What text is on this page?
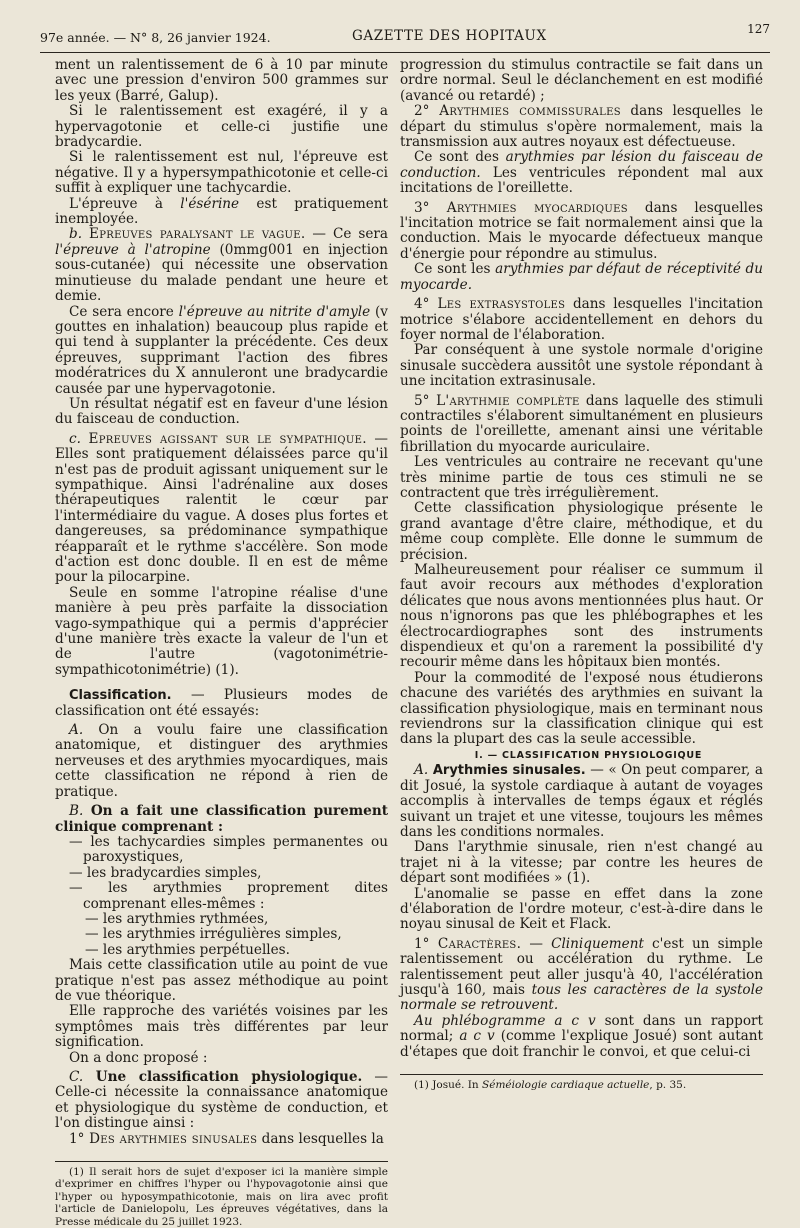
97e année. — N° 8, 26 janvier 1924.	GAZETTE DES HOPITAUX	127

ment un ralentissement de 6 à 10 par minute avec une pression d'environ 500 grammes sur les yeux (Barré, Galup).

Si le ralentissement est exagéré, il y a hypervagotonie et celle-ci justifie une bradycardie.

Si le ralentissement est nul, l'épreuve est négative. Il y a hypersympathicotonie et celle-ci suffit à expliquer une tachycardie.

L'épreuve à l'ésérine est pratiquement inemployée.

b. Epreuves paralysant le vague. — Ce sera l'épreuve à l'atropine (0mmg001 en injection sous-cutanée) qui nécessite une observation minutieuse du malade pendant une heure et demie.

Ce sera encore l'épreuve au nitrite d'amyle (v gouttes en inhalation) beaucoup plus rapide et qui tend à supplanter la précédente. Ces deux épreuves, supprimant l'action des fibres modératrices du X annuleront une bradycardie causée par une hypervagotonie.

Un résultat négatif est en faveur d'une lésion du faisceau de conduction.

c. Epreuves agissant sur le sympathique. — Elles sont pratiquement délaissées parce qu'il n'est pas de produit agissant uniquement sur le sympathique. Ainsi l'adrénaline aux doses thérapeutiques ralentit le cœur par l'intermédiaire du vague. A doses plus fortes et dangereuses, sa prédominance sympathique réapparaît et le rythme s'accélère. Son mode d'action est donc double. Il en est de même pour la pilocarpine.

Seule en somme l'atropine réalise d'une manière à peu près parfaite la dissociation vago-sympathique qui a permis d'apprécier d'une manière très exacte la valeur de l'un et de l'autre (vagotonimétrie-sympathicotonimétrie) (1).

Classification. — Plusieurs modes de classification ont été essayés:

A. On a voulu faire une classification anatomique, et distinguer des arythmies nerveuses et des arythmies myocardiques, mais cette classification ne répond à rien de pratique.

B. On a fait une classification purement clinique comprenant :

— les tachycardies simples permanentes ou paroxystiques,

— les bradycardies simples,

— les arythmies proprement dites comprenant elles-mêmes :

— les arythmies rythmées,

— les arythmies irrégulières simples,

— les arythmies perpétuelles.

Mais cette classification utile au point de vue pratique n'est pas assez méthodique au point de vue théorique.

Elle rapproche des variétés voisines par les symptômes mais très différentes par leur signification.

On a donc proposé :

C. Une classification physiologique. — Celle-ci nécessite la connaissance anatomique et physiologique du système de conduction, et l'on distingue ainsi :

1° Des arythmies sinusales dans lesquelles la

(1) Il serait hors de sujet d'exposer ici la manière simple d'exprimer en chiffres l'hyper ou l'hypovagotonie ainsi que l'hyper ou hyposympathicotonie, mais on lira avec profit l'article de Danielopolu, Les épreuves végétatives, dans la Presse médicale du 25 juillet 1923.

progression du stimulus contractile se fait dans un ordre normal. Seul le déclanchement en est modifié (avancé ou retardé) ;

2° Arythmies commissurales dans lesquelles le départ du stimulus s'opère normalement, mais la transmission aux autres noyaux est défectueuse.

Ce sont des arythmies par lésion du faisceau de conduction. Les ventricules répondent mal aux incitations de l'oreillette.

3° Arythmies myocardiques dans lesquelles l'incitation motrice se fait normalement ainsi que la conduction. Mais le myocarde défectueux manque d'énergie pour répondre au stimulus.

Ce sont les arythmies par défaut de réceptivité du myocarde.

4° Les extrasystoles dans lesquelles l'incitation motrice s'élabore accidentellement en dehors du foyer normal de l'élaboration.

Par conséquent à une systole normale d'origine sinusale succèdera aussitôt une systole répondant à une incitation extrasinusale.

5° L'arythmie complète dans laquelle des stimuli contractiles s'élaborent simultanément en plusieurs points de l'oreillette, amenant ainsi une véritable fibrillation du myocarde auriculaire.

Les ventricules au contraire ne recevant qu'une très minime partie de tous ces stimuli ne se contractent que très irrégulièrement.

Cette classification physiologique présente le grand avantage d'être claire, méthodique, et du même coup complète. Elle donne le summum de précision.

Malheureusement pour réaliser ce summum il faut avoir recours aux méthodes d'exploration délicates que nous avons mentionnées plus haut. Or nous n'ignorons pas que les phlébographes et les électrocardiographes sont des instruments dispendieux et qu'on a rarement la possibilité d'y recourir même dans les hôpitaux bien montés.

Pour la commodité de l'exposé nous étudierons chacune des variétés des arythmies en suivant la classification physiologique, mais en terminant nous reviendrons sur la classification clinique qui est dans la plupart des cas la seule accessible.

I. — CLASSIFICATION PHYSIOLOGIQUE

A. Arythmies sinusales. — « On peut comparer, a dit Josué, la systole cardiaque à autant de voyages accomplis à intervalles de temps égaux et réglés suivant un trajet et une vitesse, toujours les mêmes dans les conditions normales.

Dans l'arythmie sinusale, rien n'est changé au trajet ni à la vitesse; par contre les heures de départ sont modifiées » (1).

L'anomalie se passe en effet dans la zone d'élaboration de l'ordre moteur, c'est-à-dire dans le noyau sinusal de Keit et Flack.

1° Caractères. — Cliniquement c'est un simple ralentissement ou accélération du rythme. Le ralentissement peut aller jusqu'à 40, l'accélération jusqu'à 160, mais tous les caractères de la systole normale se retrouvent.

Au phlébogramme a c v sont dans un rapport normal; a c v (comme l'explique Josué) sont autant d'étapes que doit franchir le convoi, et que celui-ci

(1) Josué. In Séméiologie cardiaque actuelle, p. 35.
